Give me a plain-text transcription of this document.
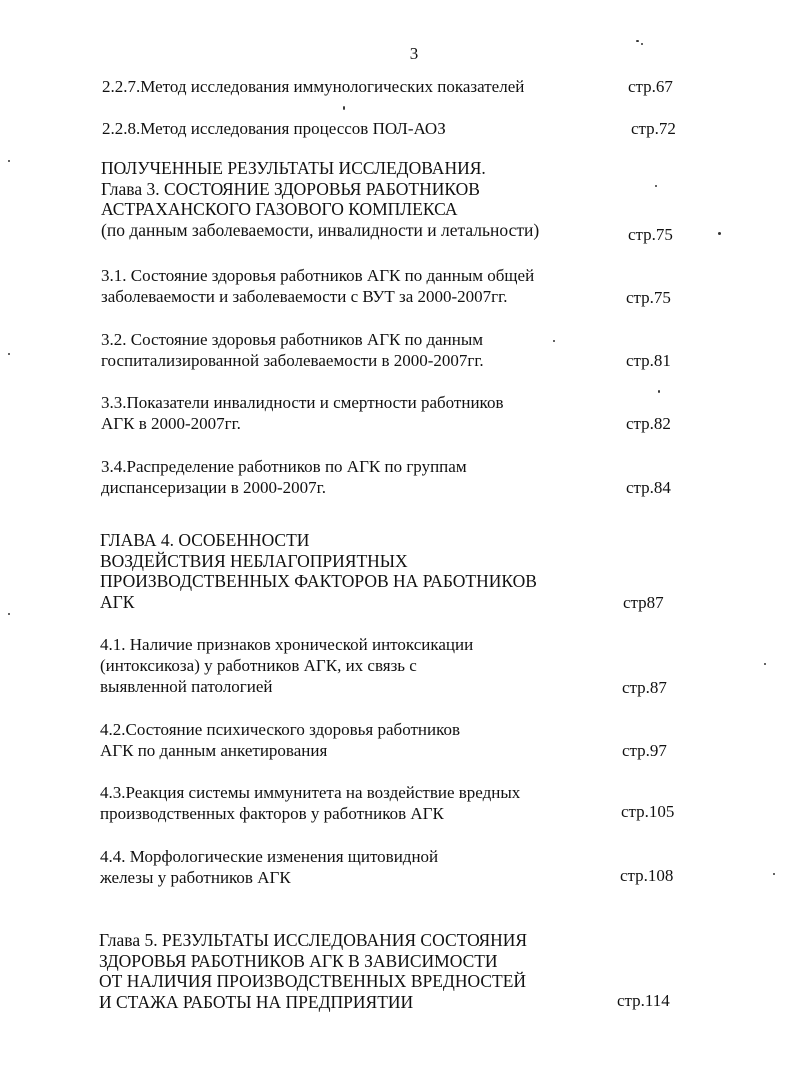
3
2.2.7.Метод исследования иммунологических показателей	стр.67
2.2.8.Метод исследования процессов ПОЛ-АОЗ	стр.72
ПОЛУЧЕННЫЕ РЕЗУЛЬТАТЫ ИССЛЕДОВАНИЯ.
Глава 3. СОСТОЯНИЕ ЗДОРОВЬЯ РАБОТНИКОВ
АСТРАХАНСКОГО ГАЗОВОГО КОМПЛЕКСА
(по данным заболеваемости, инвалидности и летальности)	стр.75
3.1. Состояние здоровья работников АГК по данным общей
заболеваемости и заболеваемости с ВУТ за 2000-2007гг.	стр.75
3.2. Состояние здоровья работников АГК по данным
госпитализированной заболеваемости в 2000-2007гг.	стр.81
3.3.Показатели инвалидности и смертности работников
АГК в 2000-2007гг.	стр.82
3.4.Распределение работников по АГК по группам
диспансеризации в 2000-2007г.	стр.84
ГЛАВА 4. ОСОБЕННОСТИ
ВОЗДЕЙСТВИЯ НЕБЛАГОПРИЯТНЫХ
ПРОИЗВОДСТВЕННЫХ ФАКТОРОВ НА РАБОТНИКОВ
АГК	стр87
4.1. Наличие признаков хронической интоксикации
(интоксикоза) у работников АГК, их связь с
выявленной патологией	стр.87
4.2.Состояние психического здоровья работников
АГК по данным анкетирования	стр.97
4.3.Реакция системы иммунитета на воздействие вредных
производственных факторов у работников АГК	стр.105
4.4. Морфологические изменения щитовидной
железы у работников АГК	стр.108
Глава 5. РЕЗУЛЬТАТЫ ИССЛЕДОВАНИЯ СОСТОЯНИЯ
ЗДОРОВЬЯ РАБОТНИКОВ АГК В ЗАВИСИМОСТИ
ОТ НАЛИЧИЯ ПРОИЗВОДСТВЕННЫХ ВРЕДНОСТЕЙ
И СТАЖА РАБОТЫ НА ПРЕДПРИЯТИИ	стр.114
